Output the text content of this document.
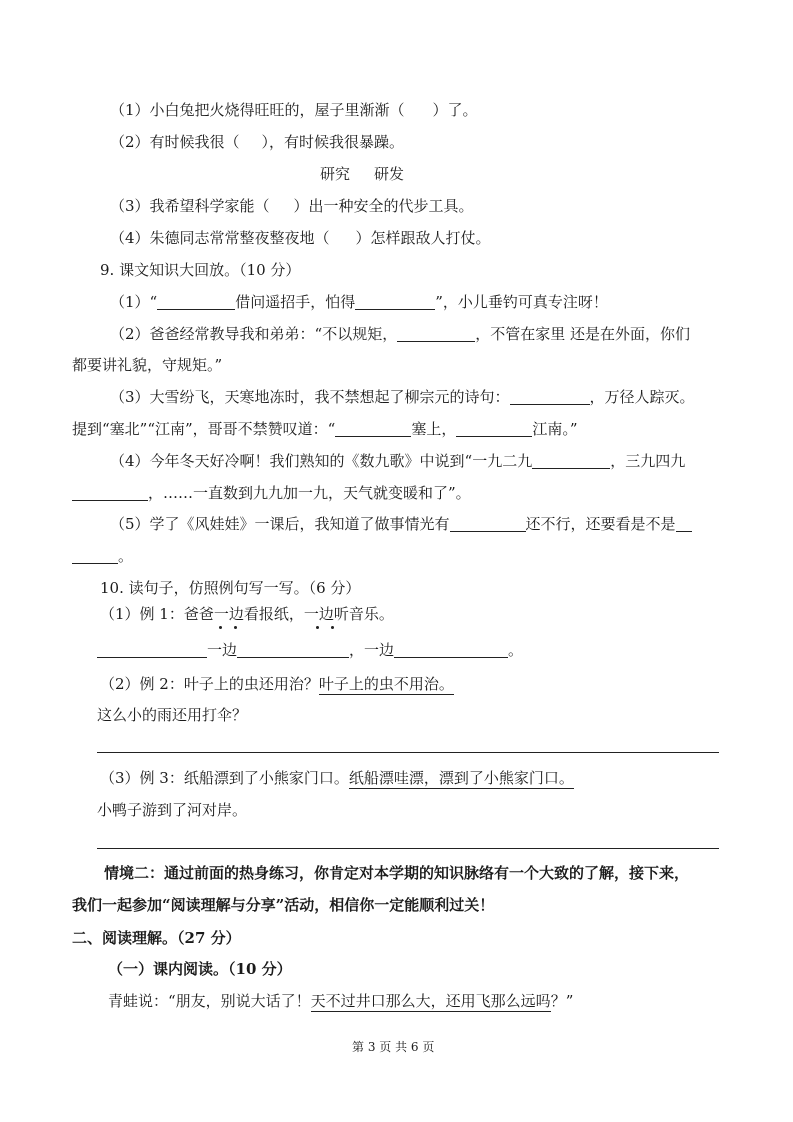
（1）小白兔把火烧得旺旺的，屋子里渐渐（ ）了。
（2）有时候我很（ ），有时候我很暴躁。
研究 研发
（3）我希望科学家能（ ）出一种安全的代步工具。
（4）朱德同志常常整夜整夜地（ ）怎样跟敌人打仗。
9. 课文知识大回放。（10 分）
（1）“	借问遥招手，怕得	”，小儿垂钓可真专注呀！
（2）爸爸经常教导我和弟弟：“不以规矩，	，不管在家里 还是在外面，你们
都要讲礼貌，守规矩。”
（3）大雪纷飞，天寒地冻时，我不禁想起了柳宗元的诗句：	，万径人踪灭。
提到“塞北”“江南”，哥哥不禁赞叹道：“	塞上，	江南。”
（4）今年冬天好冷啊！我们熟知的《数九歌》中说到“一九二九	，三九四九
，……一直数到九九加一九，天气就变暖和了”。
（5）学了《风娃娃》一课后，我知道了做事情光有	还不行，还要看是不是
。
10. 读句子，仿照例句写一写。（6 分）
（1）例 1：爸爸一边看报纸，一边听音乐。
一边	，一边	。
（2）例 2：叶子上的虫还用治？叶子上的虫不用治。
这么小的雨还用打伞？
（3）例 3：纸船漂到了小熊家门口。纸船漂哇漂，漂到了小熊家门口。
小鸭子游到了河对岸。
情境二：通过前面的热身练习，你肯定对本学期的知识脉络有一个大致的了解，接下来，
我们一起参加“阅读理解与分享”活动，相信你一定能顺利过关！
二、阅读理解。（27 分）
（一）课内阅读。（10 分）
青蛙说：“朋友，别说大话了！天不过井口那么大，还用飞那么远吗？”
第 3 页 共 6 页
